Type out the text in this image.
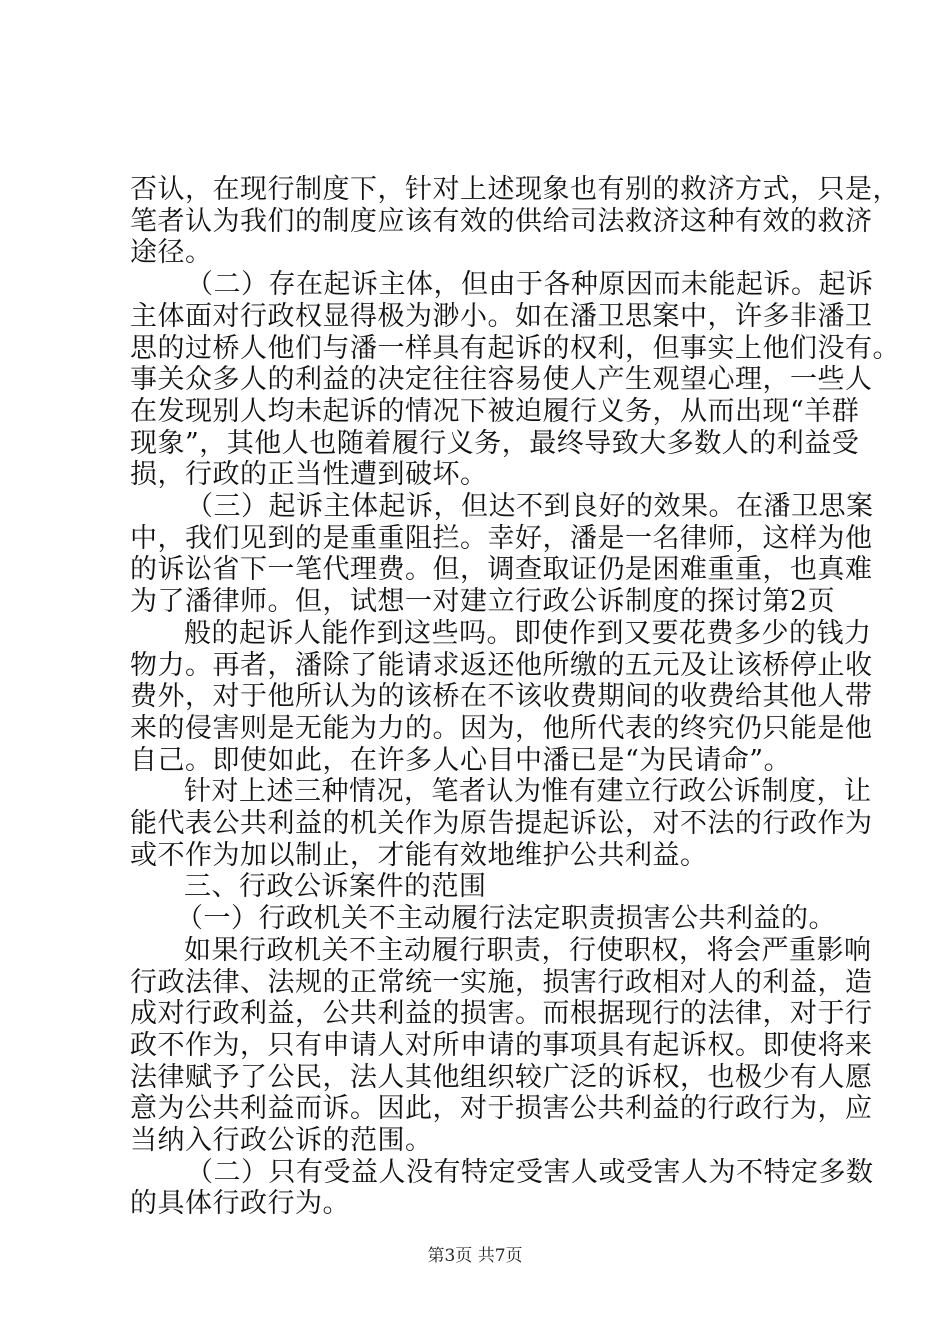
否认，在现行制度下，针对上述现象也有别的救济方式，只是，
笔者认为我们的制度应该有效的供给司法救济这种有效的救济
途径。
（二）存在起诉主体，但由于各种原因而未能起诉。起诉
主体面对行政权显得极为渺小。如在潘卫思案中，许多非潘卫
思的过桥人他们与潘一样具有起诉的权利，但事实上他们没有。
事关众多人的利益的决定往往容易使人产生观望心理，一些人
在发现别人均未起诉的情况下被迫履行义务，从而出现“羊群
现象”，其他人也随着履行义务，最终导致大多数人的利益受
损，行政的正当性遭到破坏。
（三）起诉主体起诉，但达不到良好的效果。在潘卫思案
中，我们见到的是重重阻拦。幸好，潘是一名律师，这样为他
的诉讼省下一笔代理费。但，调查取证仍是困难重重，也真难
为了潘律师。但，试想一对建立行政公诉制度的探讨第2页
般的起诉人能作到这些吗。即使作到又要花费多少的钱力
物力。再者，潘除了能请求返还他所缴的五元及让该桥停止收
费外，对于他所认为的该桥在不该收费期间的收费给其他人带
来的侵害则是无能为力的。因为，他所代表的终究仍只能是他
自己。即使如此，在许多人心目中潘已是“为民请命”。
针对上述三种情况，笔者认为惟有建立行政公诉制度，让
能代表公共利益的机关作为原告提起诉讼，对不法的行政作为
或不作为加以制止，才能有效地维护公共利益。
三、行政公诉案件的范围
（一）行政机关不主动履行法定职责损害公共利益的。
如果行政机关不主动履行职责，行使职权，将会严重影响
行政法律、法规的正常统一实施，损害行政相对人的利益，造
成对行政利益，公共利益的损害。而根据现行的法律，对于行
政不作为，只有申请人对所申请的事项具有起诉权。即使将来
法律赋予了公民，法人其他组织较广泛的诉权，也极少有人愿
意为公共利益而诉。因此，对于损害公共利益的行政行为，应
当纳入行政公诉的范围。
（二）只有受益人没有特定受害人或受害人为不特定多数
的具体行政行为。
第3页 共7页
